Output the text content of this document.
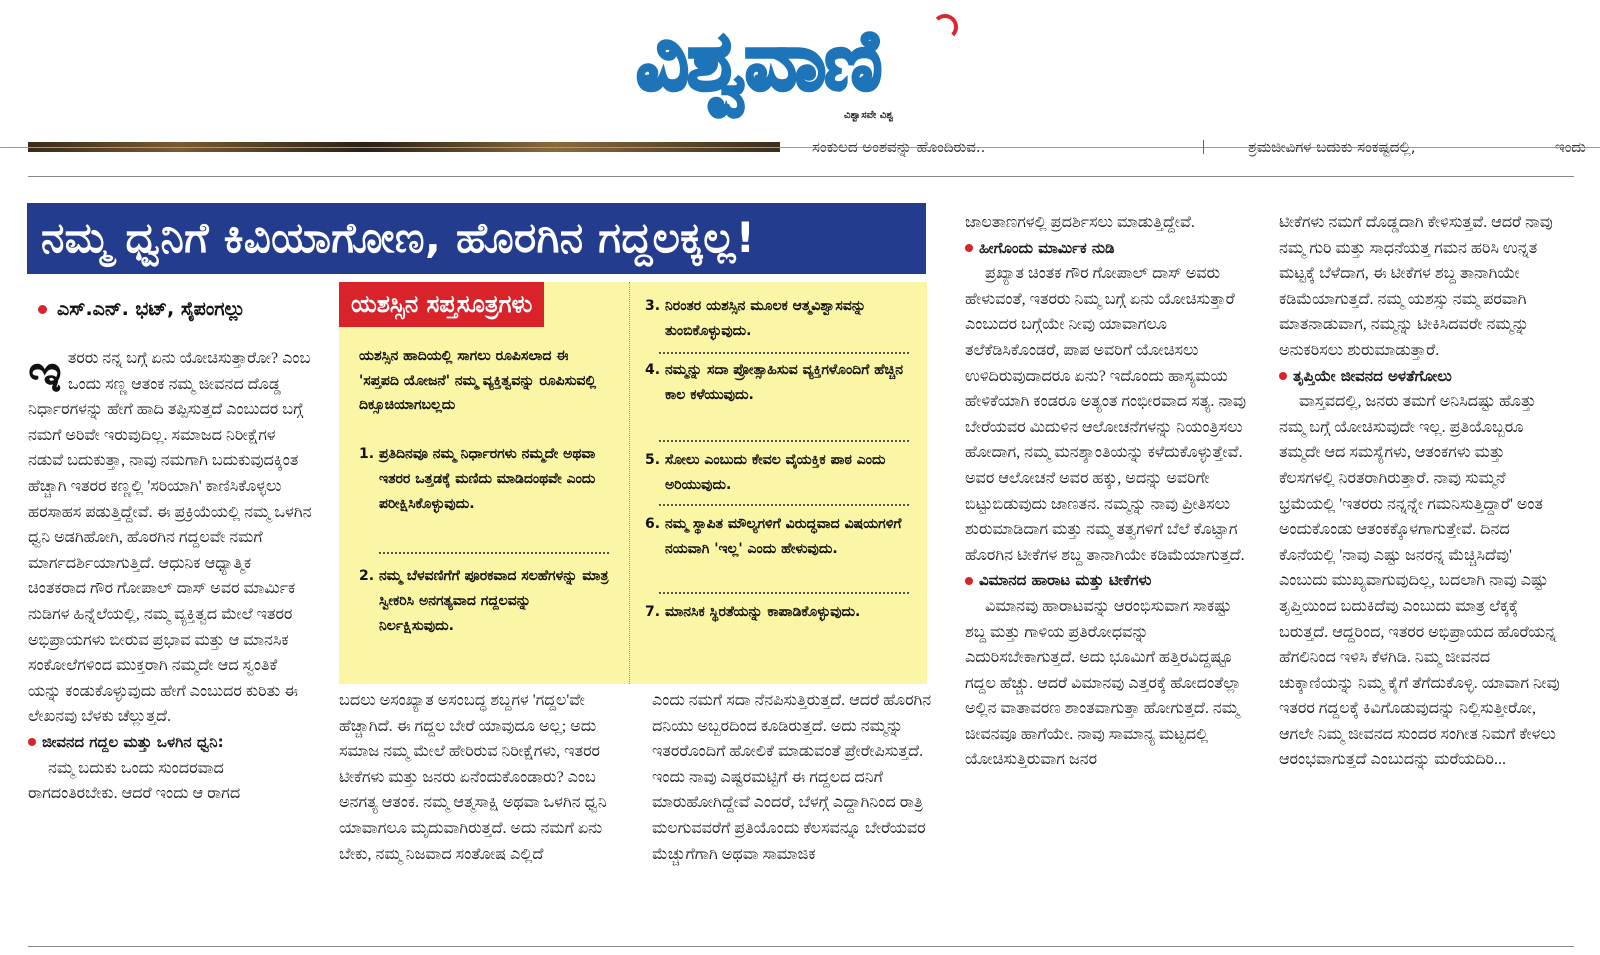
ವಿಶ್ವವಾಣಿ
ವಿಶ್ವಾಸವೇ ವಿಶ್ವ
ಸಂಕುಲದ ಅಂಶವನ್ನು ಹೊಂದಿರುವ..	ಶ್ರಮಜೀವಿಗಳ ಬದುಕು ಸಂಕಷ್ಟದಲ್ಲಿ,	ಇಂದು
ನಮ್ಮ ಧ್ವನಿಗೆ ಕಿವಿಯಾಗೋಣ, ಹೊರಗಿನ ಗದ್ದಲಕ್ಕಲ್ಲ!
ಎಸ್.ಎನ್. ಭಟ್, ಸೈಪಂಗಲ್ಲು

ಇತರರು ನನ್ನ ಬಗ್ಗೆ ಏನು ಯೋಚಿಸುತ್ತಾರೋ? ಎಂಬ ಒಂದು ಸಣ್ಣ ಆತಂಕ ನಮ್ಮ ಜೀವನದ ದೊಡ್ಡ ನಿರ್ಧಾರಗಳನ್ನು ಹೇಗೆ ಹಾದಿ ತಪ್ಪಿಸುತ್ತದೆ ಎಂಬುದರ ಬಗ್ಗೆ ನಮಗೆ ಅರಿವೇ ಇರುವುದಿಲ್ಲ. ಸಮಾಜದ ನಿರೀಕ್ಷೆಗಳ ನಡುವೆ ಬದುಕುತ್ತಾ, ನಾವು ನಮಗಾಗಿ ಬದುಕುವುದಕ್ಕಿಂತ ಹೆಚ್ಚಾಗಿ ಇತರರ ಕಣ್ಣಲ್ಲಿ 'ಸರಿಯಾಗಿ' ಕಾಣಿಸಿಕೊಳ್ಳಲು ಹರಸಾಹಸ ಪಡುತ್ತಿದ್ದೇವೆ. ಈ ಪ್ರಕ್ರಿಯೆಯಲ್ಲಿ ನಮ್ಮ ಒಳಗಿನ ಧ್ವನಿ ಅಡಗಿಹೋಗಿ, ಹೊರಗಿನ ಗದ್ದಲವೇ ನಮಗೆ ಮಾರ್ಗದರ್ಶಿಯಾಗುತ್ತಿದೆ. ಆಧುನಿಕ ಆಧ್ಯಾತ್ಮಿಕ ಚಿಂತಕರಾದ ಗೌರ ಗೋಪಾಲ್ ದಾಸ್ ಅವರ ಮಾರ್ಮಿಕ ನುಡಿಗಳ ಹಿನ್ನೆಲೆಯಲ್ಲಿ, ನಮ್ಮ ವ್ಯಕ್ತಿತ್ವದ ಮೇಲೆ ಇತರರ ಅಭಿಪ್ರಾಯಗಳು ಬೀರುವ ಪ್ರಭಾವ ಮತ್ತು ಆ ಮಾನಸಿಕ ಸಂಕೋಲೆಗಳಿಂದ ಮುಕ್ತರಾಗಿ ನಮ್ಮದೇ ಆದ ಸ್ವಂತಿಕೆ ಯನ್ನು ಕಂಡುಕೊಳ್ಳುವುದು ಹೇಗೆ ಎಂಬುದರ ಕುರಿತು ಈ ಲೇಖನವು ಬೆಳಕು ಚೆಲ್ಲುತ್ತದೆ.

ಜೀವನದ ಗದ್ದಲ ಮತ್ತು ಒಳಗಿನ ಧ್ವನಿ:

ನಮ್ಮ ಬದುಕು ಒಂದು ಸುಂದರವಾದ ರಾಗದಂತಿರಬೇಕು. ಆದರೆ ಇಂದು ಆ ರಾಗದ

ಯಶಸ್ಸಿನ ಸಪ್ತಸೂತ್ರಗಳು
ಯಶಸ್ಸಿನ ಹಾದಿಯಲ್ಲಿ ಸಾಗಲು ರೂಪಿಸಲಾದ ಈ 'ಸಪ್ತಪದಿ ಯೋಜನೆ' ನಮ್ಮ ವ್ಯಕ್ತಿತ್ವವನ್ನು ರೂಪಿಸುವಲ್ಲಿ ದಿಕ್ಸೂಚಿಯಾಗಬಲ್ಲದು
1. ಪ್ರತಿದಿನವೂ ನಮ್ಮ ನಿರ್ಧಾರಗಳು ನಮ್ಮದೇ ಅಥವಾ ಇತರರ ಒತ್ತಡಕ್ಕೆ ಮಣಿದು ಮಾಡಿದಂಥವೇ ಎಂದು ಪರೀಕ್ಷಿಸಿಕೊಳ್ಳುವುದು.
2. ನಮ್ಮ ಬೆಳವಣಿಗೆಗೆ ಪೂರಕವಾದ ಸಲಹೆಗಳನ್ನು ಮಾತ್ರ ಸ್ವೀಕರಿಸಿ ಅನಗತ್ಯವಾದ ಗದ್ದಲವನ್ನು ನಿರ್ಲಕ್ಷಿಸುವುದು.
3. ನಿರಂತರ ಯಶಸ್ಸಿನ ಮೂಲಕ ಆತ್ಮವಿಶ್ವಾಸವನ್ನು ತುಂಬಿಕೊಳ್ಳುವುದು.
4. ನಮ್ಮನ್ನು ಸದಾ ಪ್ರೋತ್ಸಾಹಿಸುವ ವ್ಯಕ್ತಿಗಳೊಂದಿಗೆ ಹೆಚ್ಚಿನ ಕಾಲ ಕಳೆಯುವುದು.
5. ಸೋಲು ಎಂಬುದು ಕೇವಲ ವೈಯಕ್ತಿಕ ಪಾಠ ಎಂದು ಅರಿಯುವುದು.
6. ನಮ್ಮ ಸ್ಥಾಪಿತ ಮೌಲ್ಯಗಳಿಗೆ ವಿರುದ್ಧವಾದ ವಿಷಯಗಳಿಗೆ ನಯವಾಗಿ 'ಇಲ್ಲ' ಎಂದು ಹೇಳುವುದು.
7. ಮಾನಸಿಕ ಸ್ಥಿರತೆಯನ್ನು ಕಾಪಾಡಿಕೊಳ್ಳುವುದು.

ಬದಲು ಅಸಂಖ್ಯಾತ ಅಸಂಬದ್ಧ ಶಬ್ದಗಳ 'ಗದ್ದಲ'ವೇ ಹೆಚ್ಚಾಗಿದೆ. ಈ ಗದ್ದಲ ಬೇರೆ ಯಾವುದೂ ಅಲ್ಲ; ಅದು ಸಮಾಜ ನಮ್ಮ ಮೇಲೆ ಹೇರಿರುವ ನಿರೀಕ್ಷೆಗಳು, ಇತರರ ಟೀಕೆಗಳು ಮತ್ತು ಜನರು ಏನೆಂದುಕೊಂಡಾರು? ಎಂಬ ಅನಗತ್ಯ ಆತಂಕ. ನಮ್ಮ ಆತ್ಮಸಾಕ್ಷಿ ಅಥವಾ ಒಳಗಿನ ಧ್ವನಿ ಯಾವಾಗಲೂ ಮೃದುವಾಗಿರುತ್ತದೆ. ಅದು ನಮಗೆ ಏನು ಬೇಕು, ನಮ್ಮ ನಿಜವಾದ ಸಂತೋಷ ಎಲ್ಲಿದೆ

ಎಂದು ನಮಗೆ ಸದಾ ನೆನಪಿಸುತ್ತಿರುತ್ತದೆ. ಆದರೆ ಹೊರಗಿನ ದನಿಯು ಅಬ್ಬರದಿಂದ ಕೂಡಿರುತ್ತದೆ. ಅದು ನಮ್ಮನ್ನು ಇತರರೊಂದಿಗೆ ಹೋಲಿಕೆ ಮಾಡುವಂತೆ ಪ್ರೇರೇಪಿಸುತ್ತದೆ. ಇಂದು ನಾವು ಎಷ್ಟರಮಟ್ಟಿಗೆ ಈ ಗದ್ದಲದ ದನಿಗೆ ಮಾರುಹೋಗಿದ್ದೇವೆ ಎಂದರೆ, ಬೆಳಗ್ಗೆ ಎದ್ದಾಗಿನಿಂದ ರಾತ್ರಿ ಮಲಗುವವರೆಗೆ ಪ್ರತಿಯೊಂದು ಕೆಲಸವನ್ನೂ ಬೇರೆಯವರ ಮೆಚ್ಚುಗೆಗಾಗಿ ಅಥವಾ ಸಾಮಾಜಿಕ

ಜಾಲತಾಣಗಳಲ್ಲಿ ಪ್ರದರ್ಶಿಸಲು ಮಾಡುತ್ತಿದ್ದೇವೆ.

ಹೀಗೊಂದು ಮಾರ್ಮಿಕ ನುಡಿ

ಪ್ರಖ್ಯಾತ ಚಿಂತಕ ಗೌರ ಗೋಪಾಲ್ ದಾಸ್ ಅವರು ಹೇಳುವಂತೆ, ಇತರರು ನಿಮ್ಮ ಬಗ್ಗೆ ಏನು ಯೋಚಿಸುತ್ತಾರೆ ಎಂಬುದರ ಬಗ್ಗೆಯೇ ನೀವು ಯಾವಾಗಲೂ ತಲೆಕೆಡಿಸಿಕೊಂಡರೆ, ಪಾಪ ಅವರಿಗೆ ಯೋಚಿಸಲು ಉಳಿದಿರುವುದಾದರೂ ಏನು? ಇದೊಂದು ಹಾಸ್ಯಮಯ ಹೇಳಿಕೆಯಾಗಿ ಕಂಡರೂ ಅತ್ಯಂತ ಗಂಭೀರವಾದ ಸತ್ಯ. ನಾವು ಬೇರೆಯವರ ಮಿದುಳಿನ ಆಲೋಚನೆಗಳನ್ನು ನಿಯಂತ್ರಿಸಲು ಹೋದಾಗ, ನಮ್ಮ ಮನಶ್ಶಾಂತಿಯನ್ನು ಕಳೆದುಕೊಳ್ಳುತ್ತೇವೆ. ಅವರ ಆಲೋಚನೆ ಅವರ ಹಕ್ಕು, ಅದನ್ನು ಅವರಿಗೇ ಬಿಟ್ಟುಬಿಡುವುದು ಜಾಣತನ. ನಮ್ಮನ್ನು ನಾವು ಪ್ರೀತಿಸಲು ಶುರುಮಾಡಿದಾಗ ಮತ್ತು ನಮ್ಮ ತತ್ವಗಳಿಗೆ ಬೆಲೆ ಕೊಟ್ಟಾಗ ಹೊರಗಿನ ಟೀಕೆಗಳ ಶಬ್ದ ತಾನಾಗಿಯೇ ಕಡಿಮೆಯಾಗುತ್ತದೆ.

ವಿಮಾನದ ಹಾರಾಟ ಮತ್ತು ಟೀಕೆಗಳು

ವಿಮಾನವು ಹಾರಾಟವನ್ನು ಆರಂಭಿಸುವಾಗ ಸಾಕಷ್ಟು ಶಬ್ದ ಮತ್ತು ಗಾಳಿಯ ಪ್ರತಿರೋಧವನ್ನು ಎದುರಿಸಬೇಕಾಗುತ್ತದೆ. ಅದು ಭೂಮಿಗೆ ಹತ್ತಿರವಿದ್ದಷ್ಟೂ ಗದ್ದಲ ಹೆಚ್ಚು. ಆದರೆ ವಿಮಾನವು ಎತ್ತರಕ್ಕೆ ಹೋದಂತೆಲ್ಲಾ ಅಲ್ಲಿನ ವಾತಾವರಣ ಶಾಂತವಾಗುತ್ತಾ ಹೋಗುತ್ತದೆ. ನಮ್ಮ ಜೀವನವೂ ಹಾಗೆಯೇ. ನಾವು ಸಾಮಾನ್ಯ ಮಟ್ಟದಲ್ಲಿ ಯೋಚಿಸುತ್ತಿರುವಾಗ ಜನರ

ಟೀಕೆಗಳು ನಮಗೆ ದೊಡ್ಡದಾಗಿ ಕೇಳಿಸುತ್ತವೆ. ಆದರೆ ನಾವು ನಮ್ಮ ಗುರಿ ಮತ್ತು ಸಾಧನೆಯತ್ತ ಗಮನ ಹರಿಸಿ ಉನ್ನತ ಮಟ್ಟಕ್ಕೆ ಬೆಳೆದಾಗ, ಈ ಟೀಕೆಗಳ ಶಬ್ದ ತಾನಾಗಿಯೇ ಕಡಿಮೆಯಾಗುತ್ತದೆ. ನಮ್ಮ ಯಶಸ್ಸು ನಮ್ಮ ಪರವಾಗಿ ಮಾತನಾಡುವಾಗ, ನಮ್ಮನ್ನು ಟೀಕಿಸಿದವರೇ ನಮ್ಮನ್ನು ಅನುಕರಿಸಲು ಶುರುಮಾಡುತ್ತಾರೆ.

ತೃಪ್ತಿಯೇ ಜೀವನದ ಅಳತೆಗೋಲು

ವಾಸ್ತವದಲ್ಲಿ, ಜನರು ತಮಗೆ ಅನಿಸಿದಷ್ಟು ಹೊತ್ತು ನಮ್ಮ ಬಗ್ಗೆ ಯೋಚಿಸುವುದೇ ಇಲ್ಲ. ಪ್ರತಿಯೊಬ್ಬರೂ ತಮ್ಮದೇ ಆದ ಸಮಸ್ಯೆಗಳು, ಆತಂಕಗಳು ಮತ್ತು ಕೆಲಸಗಳಲ್ಲಿ ನಿರತರಾಗಿರುತ್ತಾರೆ. ನಾವು ಸುಮ್ಮನೆ ಭ್ರಮೆಯಲ್ಲಿ 'ಇತರರು ನನ್ನನ್ನೇ ಗಮನಿಸುತ್ತಿದ್ದಾರೆ' ಅಂತ ಅಂದುಕೊಂಡು ಆತಂಕಕ್ಕೊಳಗಾಗುತ್ತೇವೆ. ದಿನದ ಕೊನೆಯಲ್ಲಿ 'ನಾವು ಎಷ್ಟು ಜನರನ್ನ ಮೆಚ್ಚಿಸಿದೆವು' ಎಂಬುದು ಮುಖ್ಯವಾಗುವುದಿಲ್ಲ, ಬದಲಾಗಿ ನಾವು ಎಷ್ಟು ತೃಪ್ತಿಯಿಂದ ಬದುಕಿದೆವು ಎಂಬುದು ಮಾತ್ರ ಲೆಕ್ಕಕ್ಕೆ ಬರುತ್ತದೆ. ಆದ್ದರಿಂದ, ಇತರರ ಅಭಿಪ್ರಾಯದ ಹೊರೆಯನ್ನ ಹೆಗಲಿನಿಂದ ಇಳಿಸಿ ಕೆಳಗಿಡಿ. ನಿಮ್ಮ ಜೀವನದ ಚುಕ್ಕಾಣಿಯನ್ನು ನಿಮ್ಮ ಕೈಗೆ ತೆಗೆದುಕೊಳ್ಳಿ. ಯಾವಾಗ ನೀವು ಇತರರ ಗದ್ದಲಕ್ಕೆ ಕಿವಿಗೊಡುವುದನ್ನು ನಿಲ್ಲಿಸುತ್ತೀರೋ, ಆಗಲೇ ನಿಮ್ಮ ಜೀವನದ ಸುಂದರ ಸಂಗೀತ ನಿಮಗೆ ಕೇಳಲು ಆರಂಭವಾಗುತ್ತದೆ ಎಂಬುದನ್ನು ಮರೆಯದಿರಿ...
